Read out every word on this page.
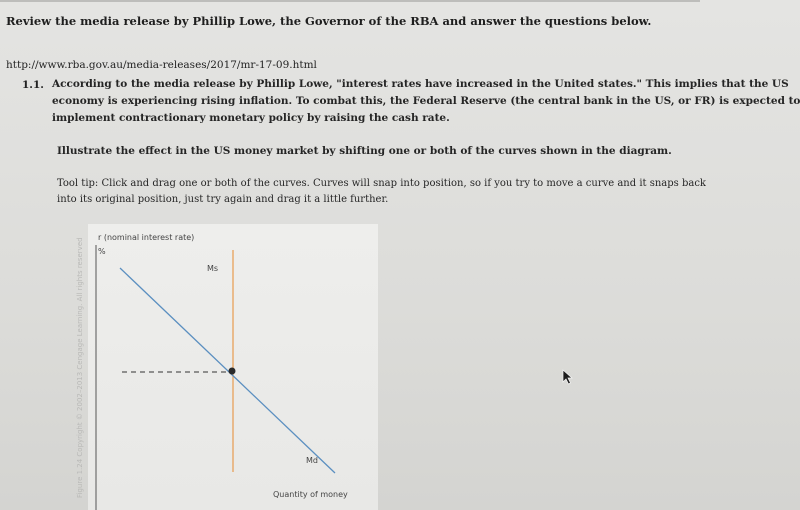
Review the media release by Phillip Lowe, the Governor of the RBA and answer the questions below.
http://www.rba.gov.au/media-releases/2017/mr-17-09.html
1.1. According to the media release by Phillip Lowe, "interest rates have increased in the United states." This implies that the US
economy is experiencing rising inflation. To combat this, the Federal Reserve (the central bank in the US, or FR) is expected to
implement contractionary monetary policy by raising the cash rate.
Illustrate the effect in the US money market by shifting one or both of the curves shown in the diagram.
Tool tip: Click and drag one or both of the curves. Curves will snap into position, so if you try to move a curve and it snaps back
into its original position, just try again and drag it a little further.
Figure 1.24 Copyright © 2002–2013 Cengage Learning. All rights reserved r (nominal interest rate)
%
Ms
Md
Quantity of money
